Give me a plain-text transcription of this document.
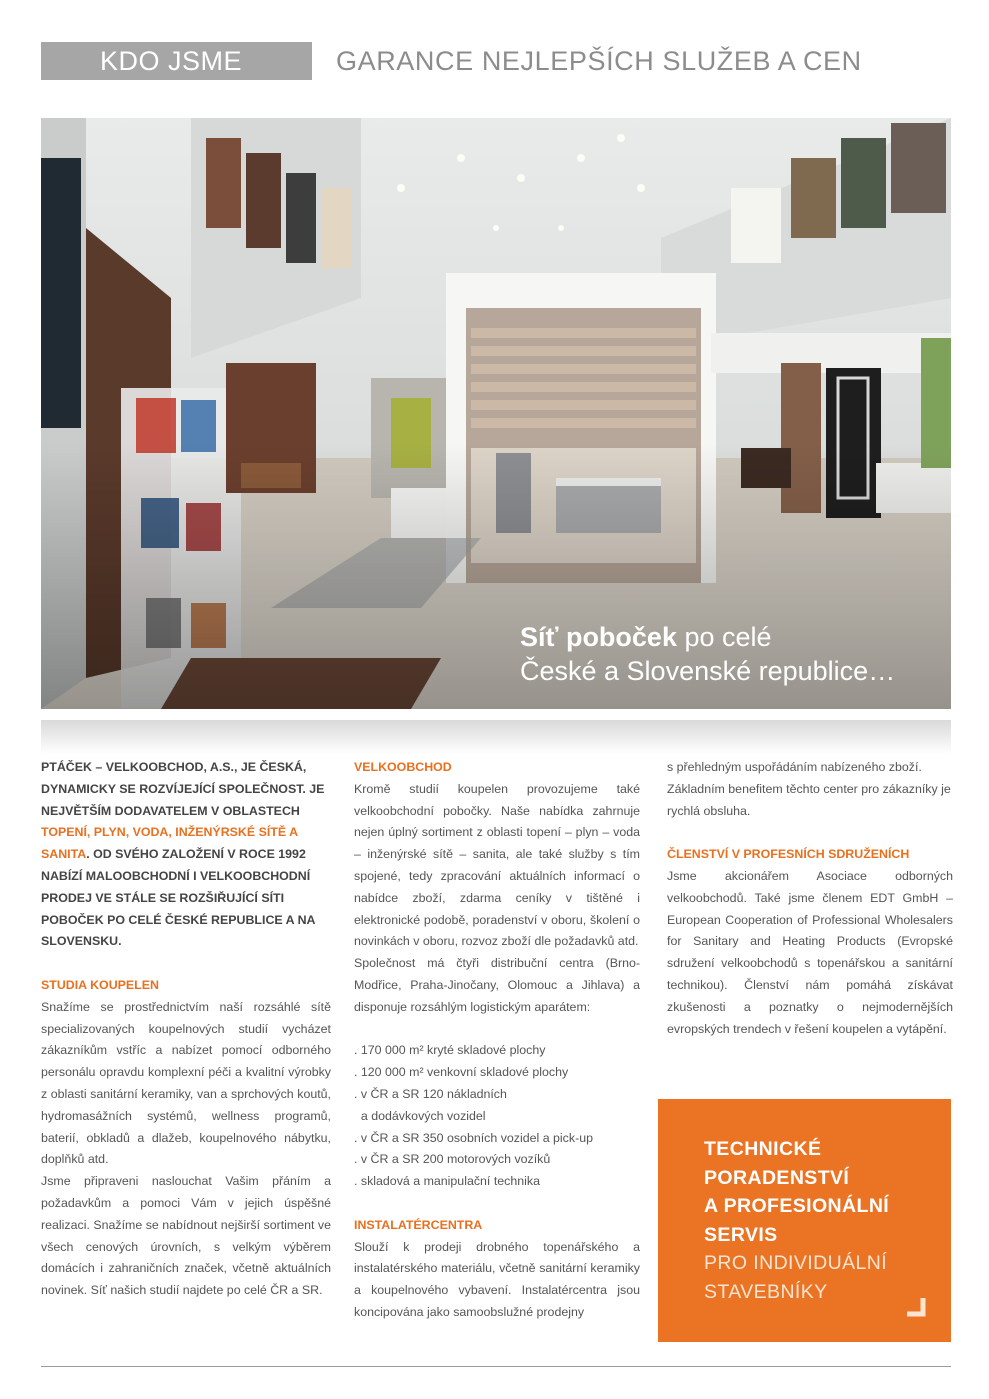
KDO JSME	GARANCE NEJLEPŠÍCH SLUŽEB A CEN
Síť poboček po celé
České a Slovenské republice…

PTÁČEK – VELKOOBCHOD, A.S., JE ČESKÁ, DYNAMICKY SE ROZVÍJEJÍCÍ SPOLEČNOST. JE NEJVĚTŠÍM DODAVATELEM V OBLASTECH TOPENÍ, PLYN, VODA, INŽENÝRSKÉ SÍTĚ A SANITA. OD SVÉHO ZALOŽENÍ V ROCE 1992 NABÍZÍ MALOOBCHODNÍ I VELKOOBCHODNÍ PRODEJ VE STÁLE SE ROZŠIŘUJÍCÍ SÍTI POBOČEK PO CELÉ ČESKÉ REPUBLICE A NA SLOVENSKU.

STUDIA KOUPELEN

Snažíme se prostřednictvím naší rozsáhlé sítě specializovaných koupelnových studií vycházet zákazníkům vstříc a nabízet pomocí odborného personálu opravdu komplexní péči a kvalitní výrobky z oblasti sanitární keramiky, van a sprchových koutů, hydromasážních systémů, wellness programů, baterií, obkladů a dlažeb, koupelnového nábytku, doplňků atd.

Jsme připraveni naslouchat Vašim přáním a požadavkům a pomoci Vám v jejich úspěšné realizaci. Snažíme se nabídnout nejširší sortiment ve všech cenových úrovních, s velkým výběrem domácích i zahraničních značek, včetně aktuálních novinek. Síť našich studií najdete po celé ČR a SR.

VELKOOBCHOD

Kromě studií koupelen provozujeme také velkoobchodní pobočky. Naše nabídka zahrnuje nejen úplný sortiment z oblasti topení – plyn – voda – inženýrské sítě – sanita, ale také služby s tím spojené, tedy zpracování aktuálních informací o nabídce zboží, zdarma ceníky v tištěné i elektronické podobě, poradenství v oboru, školení o novinkách v oboru, rozvoz zboží dle požadavků atd.

Společnost má čtyři distribuční centra (Brno-Modřice, Praha-Jinočany, Olomouc a Jihlava) a disponuje rozsáhlým logistickým aparátem:

. 170 000 m² kryté skladové plochy
. 120 000 m² venkovní skladové plochy
. v ČR a SR 120 nákladních
a dodávkových vozidel
. v ČR a SR 350 osobních vozidel a pick-up
. v ČR a SR 200 motorových vozíků
. skladová a manipulační technika

INSTALATÉRCENTRA

Slouží k prodeji drobného topenářského a instalatérského materiálu, včetně sanitární keramiky a koupelnového vybavení. Instalatércentra jsou koncipována jako samoobslužné prodejny

s přehledným uspořádáním nabízeného zboží. Základním benefitem těchto center pro zákazníky je rychlá obsluha.

ČLENSTVÍ V PROFESNÍCH SDRUŽENÍCH

Jsme akcionářem Asociace odborných velkoobchodů. Také jsme členem EDT GmbH – European Cooperation of Professional Wholesalers for Sanitary and Heating Products (Evropské sdružení velkoobchodů s topenářskou a sanitární technikou). Členství nám pomáhá získávat zkušenosti a poznatky o nejmodernějších evropských trendech v řešení koupelen a vytápění.

TECHNICKÉ
PORADENSTVÍ
A PROFESIONÁLNÍ
SERVIS
PRO INDIVIDUÁLNÍ
STAVEBNÍKY
